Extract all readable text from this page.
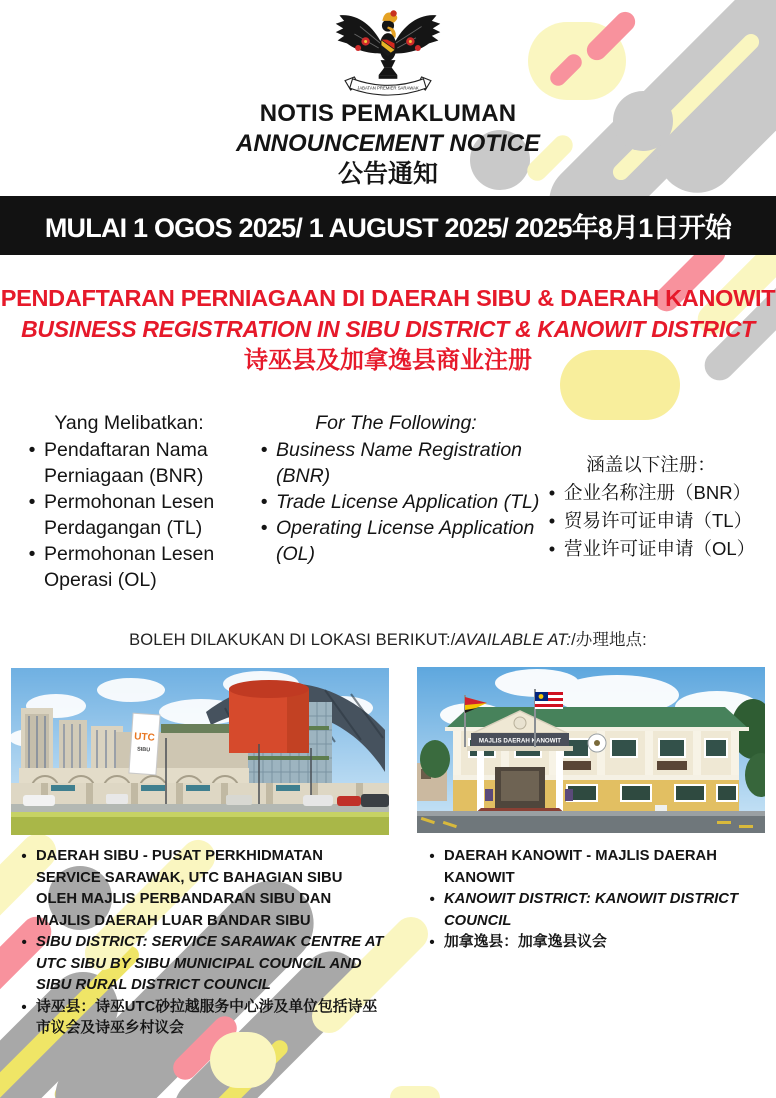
JABATAN PREMIER SARAWAK
NOTIS PEMAKLUMAN
ANNOUNCEMENT NOTICE
公告通知
MULAI 1 OGOS 2025/ 1 AUGUST 2025/ 2025年8月1日开始
PENDAFTARAN PERNIAGAAN DI DAERAH SIBU & DAERAH KANOWIT
BUSINESS REGISTRATION IN SIBU DISTRICT & KANOWIT DISTRICT
诗巫县及加拿逸县商业注册
Yang Melibatkan:
• Pendaftaran Nama Perniagaan (BNR)
• Permohonan Lesen Perdagangan (TL)
• Permohonan Lesen Operasi (OL)
For The Following:
• Business Name Registration (BNR)
• Trade License Application (TL)
• Operating License Application (OL)
涵盖以下注册：
• 企业名称注册（BNR）
• 贸易许可证申请（TL）
• 营业许可证申请（OL）
BOLEH DILAKUKAN DI LOKASI BERIKUT:/AVAILABLE AT:/办理地点:
UTC
SIBU
MAJLIS DAERAH KANOWIT
• DAERAH SIBU - PUSAT PERKHIDMATAN SERVICE SARAWAK, UTC BAHAGIAN SIBU OLEH MAJLIS PERBANDARAN SIBU DAN MAJLIS DAERAH LUAR BANDAR SIBU
• SIBU DISTRICT: SERVICE SARAWAK CENTRE AT UTC SIBU BY SIBU MUNICIPAL COUNCIL AND SIBU RURAL DISTRICT COUNCIL
• 诗巫县：诗巫UTC砂拉越服务中心涉及单位包括诗巫市议会及诗巫乡村议会
• DAERAH KANOWIT - MAJLIS DAERAH KANOWIT
• KANOWIT DISTRICT: KANOWIT DISTRICT COUNCIL
• 加拿逸县：加拿逸县议会
